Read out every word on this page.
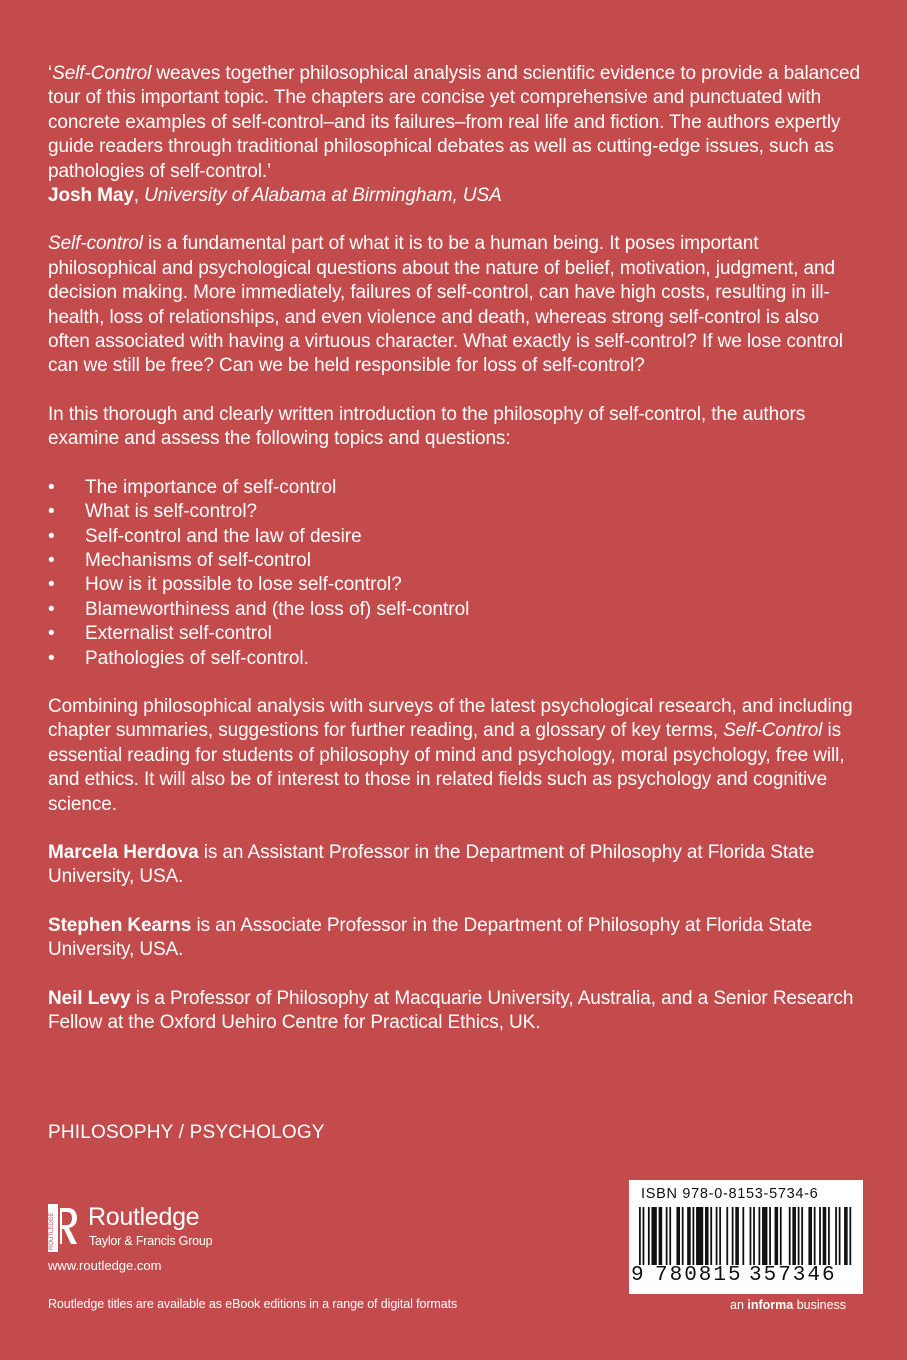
‘Self-Control weaves together philosophical analysis and scientific evidence to provide a balanced tour of this important topic. The chapters are concise yet comprehensive and punctuated with concrete examples of self-control–and its failures–from real life and fiction. The authors expertly guide readers through traditional philosophical debates as well as cutting-edge issues, such as pathologies of self-control.’
Josh May, University of Alabama at Birmingham, USA

Self-control is a fundamental part of what it is to be a human being. It poses important philosophical and psychological questions about the nature of belief, motivation, judgment, and decision making. More immediately, failures of self-control, can have high costs, resulting in ill-health, loss of relationships, and even violence and death, whereas strong self-control is also often associated with having a virtuous character. What exactly is self-control? If we lose control can we still be free? Can we be held responsible for loss of self-control?

In this thorough and clearly written introduction to the philosophy of self-control, the authors examine and assess the following topics and questions:

• The importance of self-control
• What is self-control?
• Self-control and the law of desire
• Mechanisms of self-control
• How is it possible to lose self-control?
• Blameworthiness and (the loss of) self-control
• Externalist self-control
• Pathologies of self-control.

Combining philosophical analysis with surveys of the latest psychological research, and including chapter summaries, suggestions for further reading, and a glossary of key terms, Self-Control is essential reading for students of philosophy of mind and psychology, moral psychology, free will, and ethics. It will also be of interest to those in related fields such as psychology and cognitive science.

Marcela Herdova is an Assistant Professor in the Department of Philosophy at Florida State University, USA.

Stephen Kearns is an Associate Professor in the Department of Philosophy at Florida State University, USA.

Neil Levy is a Professor of Philosophy at Macquarie University, Australia, and a Senior Research Fellow at the Oxford Uehiro Centre for Practical Ethics, UK.

PHILOSOPHY / PSYCHOLOGY
ROUTLEDGE Routledge
Taylor & Francis Group
www.routledge.com
Routledge titles are available as eBook editions in a range of digital formats
ISBN 978-0-8153-5734-6
9 780815 357346
an informa business
